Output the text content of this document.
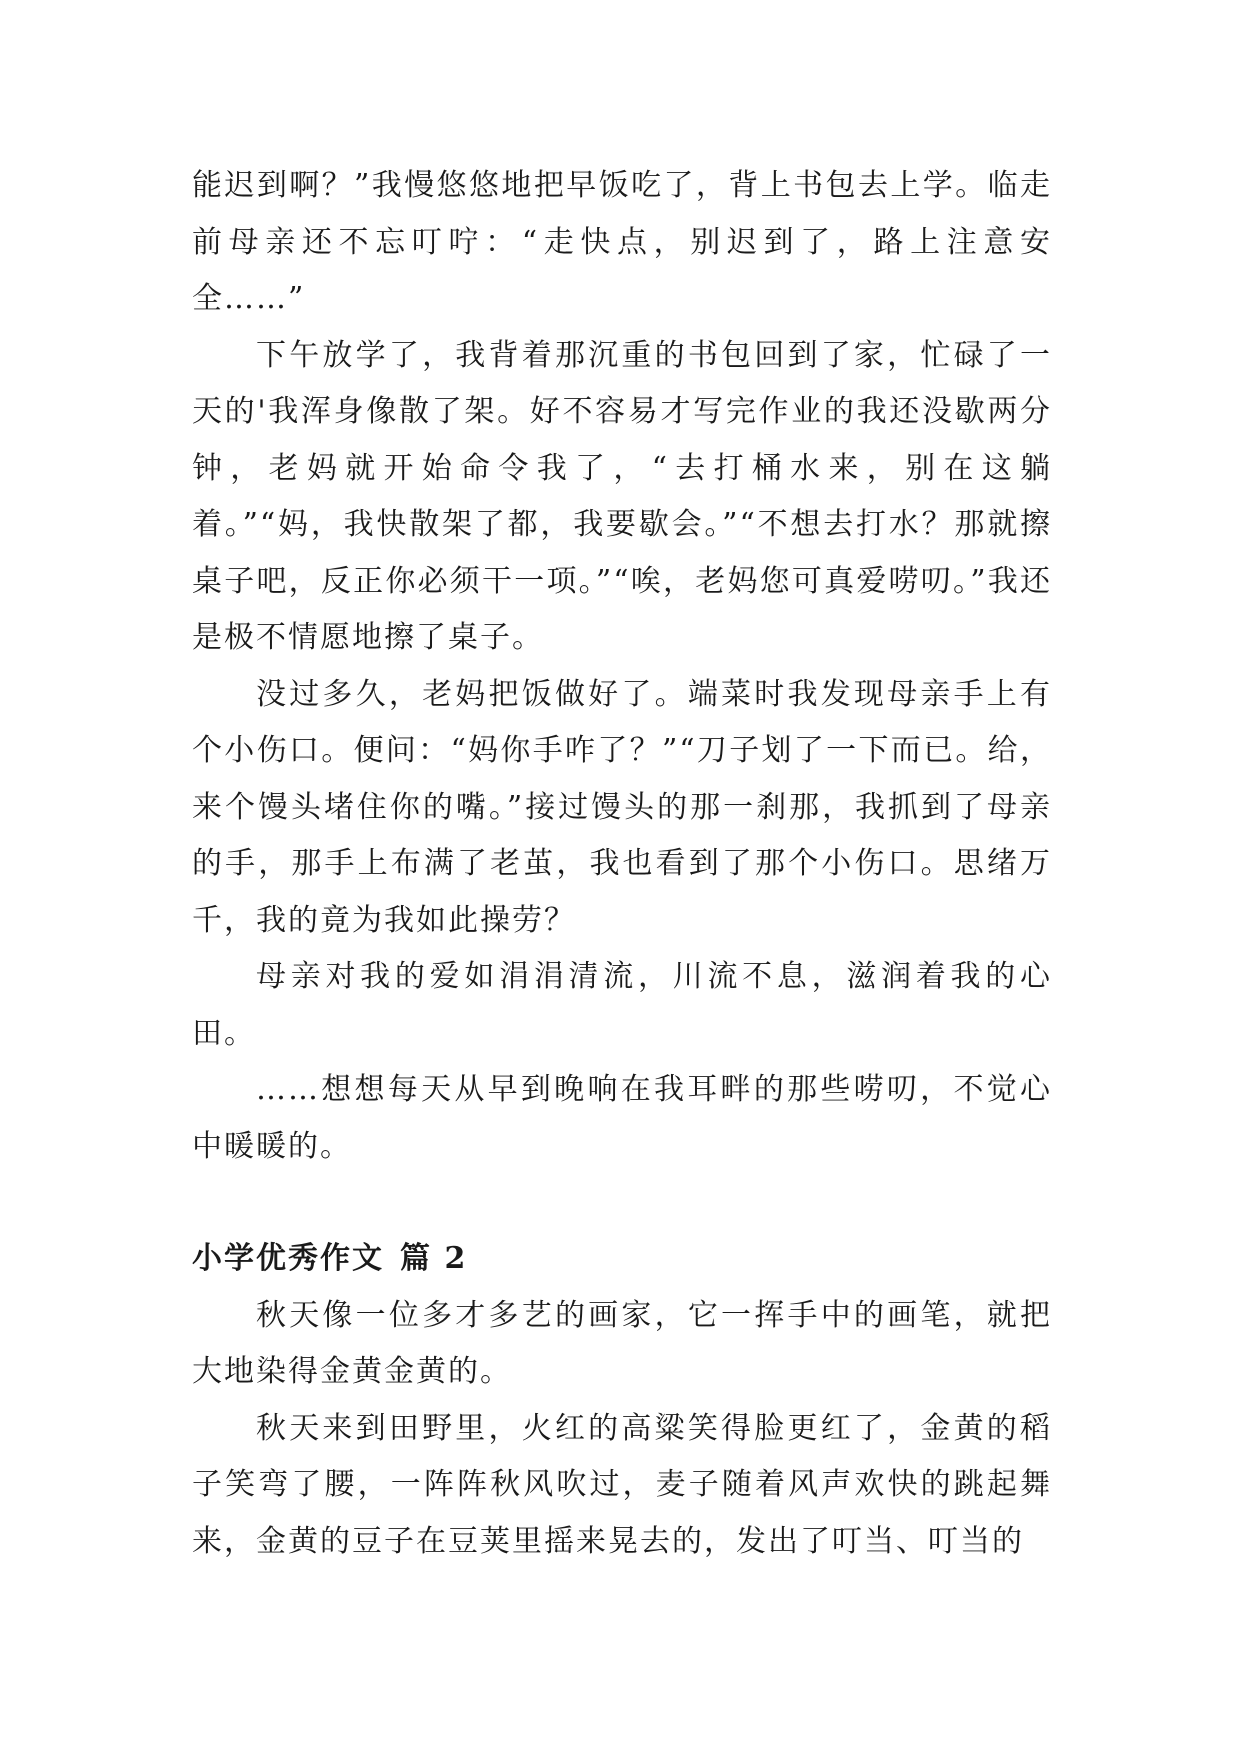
能迟到啊？”我慢悠悠地把早饭吃了，背上书包去上学。临走前母亲还不忘叮咛：“走快点，别迟到了，路上注意安全……”

下午放学了，我背着那沉重的书包回到了家，忙碌了一天的'我浑身像散了架。好不容易才写完作业的我还没歇两分钟，老妈就开始命令我了，“去打桶水来，别在这躺着。”“妈，我快散架了都，我要歇会。”“不想去打水？那就擦桌子吧，反正你必须干一项。”“唉，老妈您可真爱唠叨。”我还是极不情愿地擦了桌子。

没过多久，老妈把饭做好了。端菜时我发现母亲手上有个小伤口。便问：“妈你手咋了？”“刀子划了一下而已。给，来个馒头堵住你的嘴。”接过馒头的那一刹那，我抓到了母亲的手，那手上布满了老茧，我也看到了那个小伤口。思绪万千，我的竟为我如此操劳？

母亲对我的爱如涓涓清流，川流不息，滋润着我的心田。

……想想每天从早到晚响在我耳畔的那些唠叨，不觉心中暖暖的。

小学优秀作文 篇 2

秋天像一位多才多艺的画家，它一挥手中的画笔，就把大地染得金黄金黄的。

秋天来到田野里，火红的高粱笑得脸更红了，金黄的稻子笑弯了腰，一阵阵秋风吹过，麦子随着风声欢快的跳起舞来，金黄的豆子在豆荚里摇来晃去的，发出了叮当、叮当的
